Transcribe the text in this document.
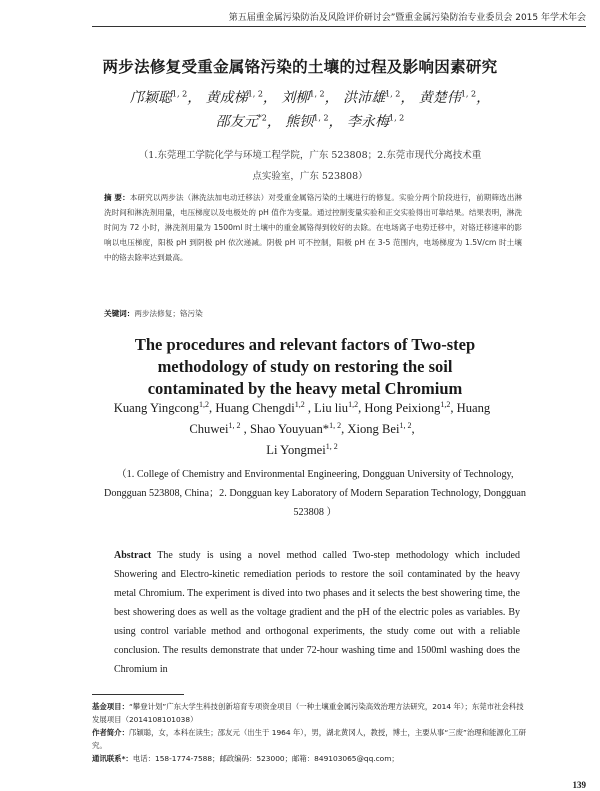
第五届重金属污染防治及风险评价研讨会”暨重金属污染防治专业委员会 2015 年学术年会
两步法修复受重金属铬污染的土壤的过程及影响因素研究
邝颖聪$^{1, 2}$， 黄成梯$^{1, 2}$， 刘柳$^{1, 2}$， 洪沛雄$^{1, 2}$， 黄楚伟$^{1, 2}$，
邵友元$^{*2}$， 熊钡$^{1, 2}$， 李永梅$^{1, 2}$
（1.东莞理工学院化学与环境工程学院，广东 523808；2.东莞市现代分离技术重
点实验室，广东 523808）
摘 要：本研究以两步法（淋洗法加电动迁移法）对受重金属铬污染的土壤进行的修复。实验分两个阶段进行，前期筛选出淋洗时间和淋洗剂用量，电压梯度以及电极处的 pH 值作为变量。通过控制变量实验和正交实验得出可靠结果。结果表明，淋洗时间为 72 小时，淋洗剂用量为 1500ml 时土壤中的重金属铬得到较好的去除。在电场离子电势迁移中，对铬迁移速率的影响以电压梯度，阳极 pH 到阴极 pH 依次递减。阴极 pH 可不控制，阳极 pH 在 3-5 范围内，电场梯度为 1.5V/cm 时土壤中的铬去除率达到最高。
关键词：两步法修复；铬污染
The procedures and relevant factors of Two-step
methodology of study on restoring the soil
contaminated by the heavy metal Chromium
Kuang Yingcong$^{1,2}$, Huang Chengdi$^{1,2}$ , Liu liu$^{1,2}$, Hong Peixiong$^{1,2}$, Huang Chuwei$^{1, 2}$ , Shao Youyuan*$^{1, 2}$, Xiong Bei$^{1, 2}$,
Li Yongmei$^{1, 2}$
（1. College of Chemistry and Environmental Engineering, Dongguan University of Technology, Dongguan 523808, China；2. Dongguan key Laboratory of Modern Separation Technology, Dongguan 523808 ）
Abstract The study is using a novel method called Two-step methodology which included Showering and Electro-kinetic remediation periods to restore the soil contaminated by the heavy metal Chromium. The experiment is dived into two phases and it selects the best showering time, the best showering does as well as the voltage gradient and the pH of the electric poles as variables. By using control variable method and orthogonal experiments, the study come out with a reliable conclusion. The results demonstrate that under 72-hour washing time and 1500ml washing does the Chromium in

基金项目：“攀登计划”广东大学生科技创新培育专项资金项目（一种土壤重金属污染高效治理方法研究，2014 年）；东莞市社会科技发展项目（2014108101038）

作者简介：邝颖聪，女，本科在读生；邵友元（出生于 1964 年），男，湖北黄冈人，教授，博士，主要从事“三废”治理和能源化工研究。

通讯联系*：电话：158-1774-7588；邮政编码：523000；邮箱：849103065@qq.com；

139
